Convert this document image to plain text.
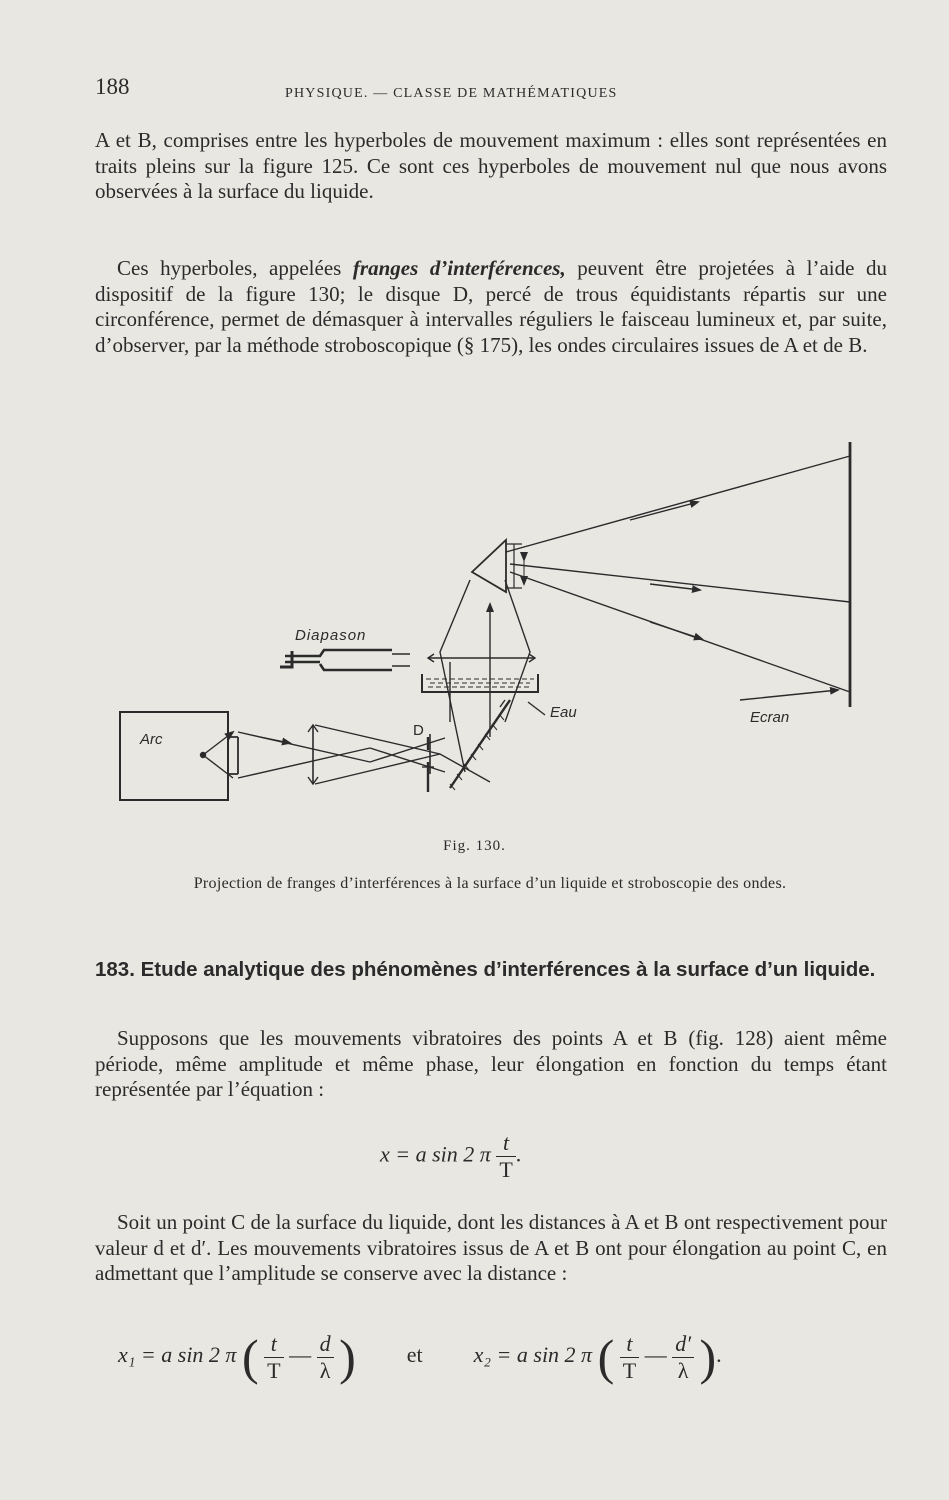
188	PHYSIQUE. — CLASSE DE MATHÉMATIQUES

A et B, comprises entre les hyperboles de mouvement maximum : elles sont représentées en traits pleins sur la figure 125. Ce sont ces hyperboles de mouvement nul que nous avons observées à la surface du liquide.

Ces hyperboles, appelées franges d’interférences, peuvent être projetées à l’aide du dispositif de la figure 130; le disque D, percé de trous équidistants répartis sur une circonférence, permet de démasquer à intervalles réguliers le faisceau lumineux et, par suite, d’observer, par la méthode stroboscopique (§ 175), les ondes circulaires issues de A et de B.

Diapason
Arc
D
Eau	Ecran
Fig. 130.
Projection de franges d’interférences à la surface d’un liquide et stroboscopie des ondes.
183. Etude analytique des phénomènes d’interférences à la surface d’un liquide.

Supposons que les mouvements vibratoires des points A et B (fig. 128) aient même période, même amplitude et même phase, leur élongation en fonction du temps étant représentée par l’équation :

x = a sin 2 π $\frac{t}{T}$ .

Soit un point C de la surface du liquide, dont les distances à A et B ont respectivement pour valeur d et d′. Les mouvements vibratoires issus de A et B ont pour élongation au point C, en admettant que l’amplitude se conserve avec la distance :

x₁ = a sin 2 π ( $\frac{t}{T}$ — $\frac{d}{\lambda}$ ) et x₂ = a sin 2 π ( $\frac{t}{T}$ — $\frac{d'}{\lambda}$ ).
